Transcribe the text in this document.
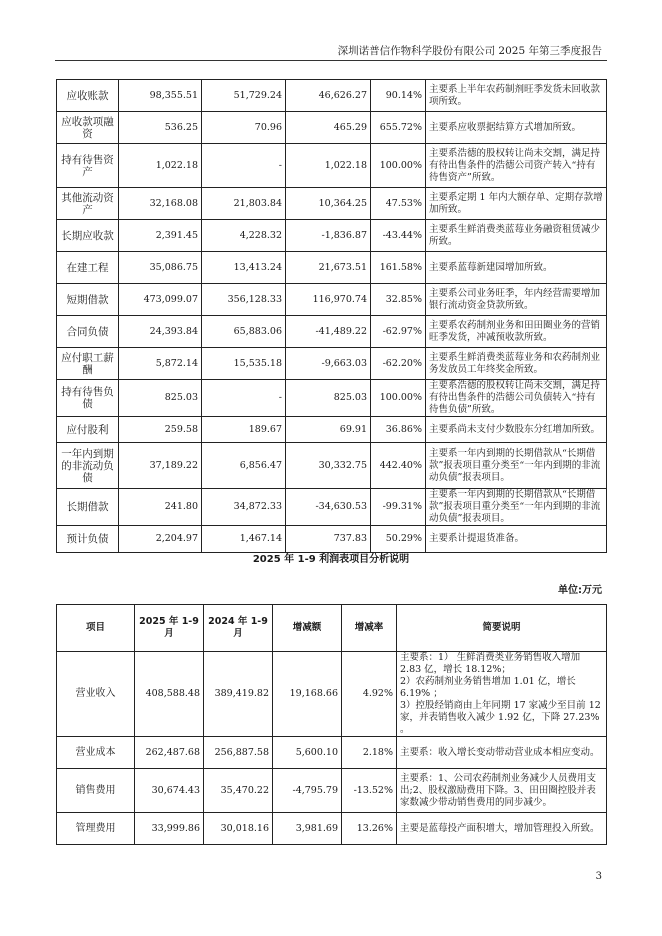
深圳诺普信作物科学股份有限公司 2025 年第三季度报告
应收账款	98,355.51	51,729.24	46,626.27	90.14%	主要系上半年农药制剂旺季发货未回收款项所致。
应收款项融资	536.25	70.96	465.29	655.72%	主要系应收票据结算方式增加所致。
持有待售资产	1,022.18	-	1,022.18	100.00%	主要系浩德的股权转让尚未交割，满足持有待出售条件的浩德公司资产转入“持有待售资产”所致。
其他流动资产	32,168.08	21,803.84	10,364.25	47.53%	主要系定期 1 年内大额存单、定期存款增加所致。
长期应收款	2,391.45	4,228.32	-1,836.87	-43.44%	主要系生鲜消费类蓝莓业务融资租赁减少所致。
在建工程	35,086.75	13,413.24	21,673.51	161.58%	主要系蓝莓新建园增加所致。
短期借款	473,099.07	356,128.33	116,970.74	32.85%	主要系公司业务旺季，年内经营需要增加银行流动资金贷款所致。
合同负债	24,393.84	65,883.06	-41,489.22	-62.97%	主要系农药制剂业务和田田圈业务的营销旺季发货，冲减预收款所致。
应付职工薪酬	5,872.14	15,535.18	-9,663.03	-62.20%	主要系生鲜消费类蓝莓业务和农药制剂业务发放员工年终奖金所致。
持有待售负债	825.03	-	825.03	100.00%	主要系浩德的股权转让尚未交割，满足持有待出售条件的浩德公司负债转入“持有待售负债”所致。
应付股利	259.58	189.67	69.91	36.86%	主要系尚未支付少数股东分红增加所致。
一年内到期的非流动负债	37,189.22	6,856.47	30,332.75	442.40%	主要系一年内到期的长期借款从“长期借款”报表项目重分类至“一年内到期的非流动负债”报表项目。
长期借款	241.80	34,872.33	-34,630.53	-99.31%	主要系一年内到期的长期借款从“长期借款”报表项目重分类至“一年内到期的非流动负债”报表项目。
预计负债	2,204.97	1,467.14	737.83	50.29%	主要系计提退货准备。
2025 年 1-9 利润表项目分析说明
单位:万元
项目	2025 年 1-9 月	2024 年 1-9 月	增减额	增减率	简要说明
营业收入	408,588.48	389,419.82	19,168.66	4.92%	主要系：1） 生鲜消费类业务销售收入增加 2.83 亿，增长 18.12%；
2）农药制剂业务销售增加 1.01 亿，增长 6.19% ；
3）控股经销商由上年同期 17 家减少至目前 12 家，并表销售收入减少 1.92 亿，下降 27.23% 。

营业成本	262,487.68	256,887.58	5,600.10	2.18%	主要系：收入增长变动带动营业成本相应变动。

销售费用	30,674.43	35,470.22	-4,795.79	-13.52%	主要系：1、公司农药制剂业务减少人员费用支出;2、股权激励费用下降。3、田田圈控股并表家数减少带动销售费用的同步减少。

管理费用	33,999.86	30,018.16	3,981.69	13.26%	主要是蓝莓投产面积增大，增加管理投入所致。
3
